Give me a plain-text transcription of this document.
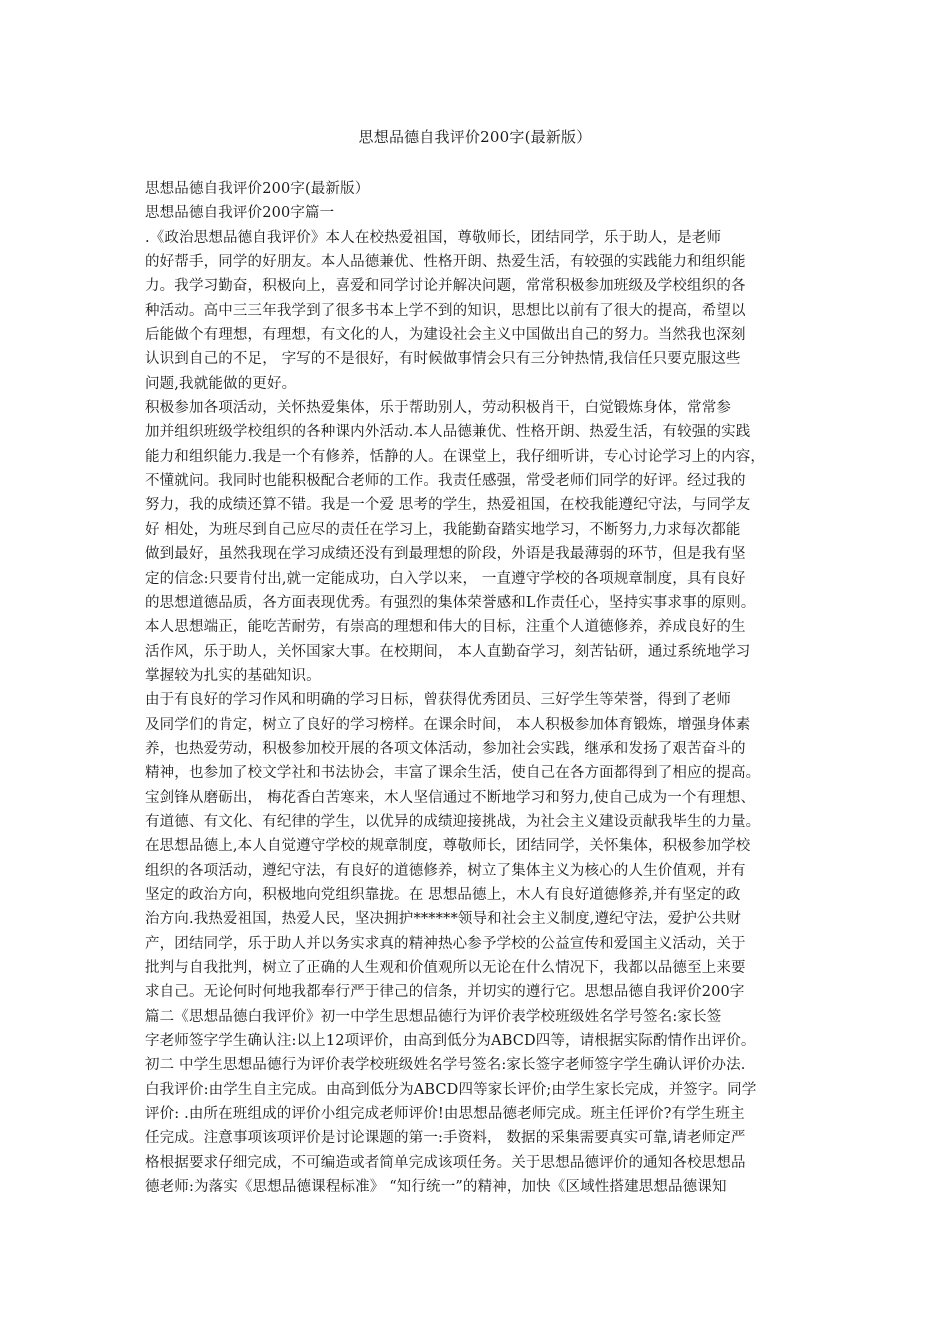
思想品德自我评价200字(最新版）
思想品德自我评价200字(最新版）
思想品德自我评价200字篇一
.《政治思想品德自我评价》本人在校热爱祖国，尊敬师长，团结同学，乐于助人，是老师
的好帮手，同学的好朋友。本人品德兼优、性格开朗、热爱生活，有较强的实践能力和组织能
力。我学习勤奋，积极向上，喜爱和同学讨论并解决问题，常常积极参加班级及学校组织的各
种活动。高中三三年我学到了很多书本上学不到的知识，思想比以前有了很大的提高，希望以
后能做个有理想，有理想，有文化的人，为建设社会主义中国做出自己的努力。当然我也深刻
认识到自己的不足， 字写的不是很好，有时候做事情会只有三分钟热情,我信任只要克服这些
问题,我就能做的更好。
积极参加各项活动，关怀热爱集体，乐于帮助别人，劳动积极肖干，白觉锻炼身体，常常参
加并组织班级学校组织的各种课内外活动.本人品德兼优、性格开朗、热爱生活，有较强的实践
能力和组织能力.我是一个有修养，恬静的人。在课堂上，我仔细听讲，专心讨论学习上的内容，
不懂就问。我同时也能积极配合老师的工作。我责任感强，常受老师们同学的好评。经过我的
努力，我的成绩还算不错。我是一个爱 思考的学生，热爱祖国，在校我能遵纪守法，与同学友
好 相处，为班尽到自己应尽的责任在学习上，我能勤奋踏实地学习，不断努力,力求每次都能
做到最好，虽然我现在学习成绩还没有到最理想的阶段，外语是我最薄弱的环节，但是我有坚
定的信念:只要肯付出,就一定能成功，白入学以来， 一直遵守学校的各项规章制度，具有良好
的思想道德品质，各方面表现优秀。有强烈的集体荣誉感和L作责任心，坚持实事求事的原则。
本人思想端正，能吃苦耐劳，有崇高的理想和伟大的目标，注重个人道德修养，养成良好的生
活作风，乐于助人，关怀国家大事。在校期间， 本人直勤奋学习，刻苦钻研，通过系统地学习
掌握较为扎实的基础知识。
由于有良好的学习作风和明确的学习日标，曾获得优秀团员、三好学生等荣誉，得到了老师
及同学们的肯定，树立了良好的学习榜样。在课余时间， 本人积极参加体育锻炼，增强身体素
养，也热爱劳动，积极参加校开展的各项文体活动，参加社会实践，继承和发扬了艰苦奋斗的
精神，也参加了校文学社和书法协会，丰富了课余生活，使自己在各方面都得到了相应的提高。
宝剑锋从磨砺出， 梅花香白苦寒来，木人坚信通过不断地学习和努力,使自己成为一个有理想、
有道德、有文化、有纪律的学生，以优异的成绩迎接挑战，为社会主义建设贡献我毕生的力量。
在思想品德上,本人自觉遵守学校的规章制度，尊敬师长，团结同学，关怀集体，积极参加学校
组织的各项活动，遵纪守法，有良好的道德修养，树立了集体主义为核心的人生价值观，并有
坚定的政治方向，积极地向党组织靠拢。在 思想品德上，木人有良好道德修养,并有坚定的政
治方向.我热爱祖国，热爱人民，坚决拥护******领导和社会主义制度,遵纪守法，爱护公共财
产，团结同学，乐于助人并以务实求真的精神热心参予学校的公益宣传和爱国主义活动，关于
批判与自我批判，树立了正确的人生观和价值观所以无论在什么情况下，我都以品德至上来要
求自己。无论何时何地我都奉行严于律己的信条，并切实的遵行它。思想品德自我评价200字
篇二《思想品德白我评价》初一中学生思想品德行为评价表学校班级姓名学号签名:家长签
字老师签字学生确认注:以上12项评价，由高到低分为ABCD四等，请根据实际酌情作出评价。
初二 中学生思想品德行为评价表学校班级姓名学号签名:家长签字老师签字学生确认评价办法.
白我评价:由学生自主完成。由高到低分为ABCD四等家长评价;由学生家长完成，并签字。同学
评价: .由所在班组成的评价小组完成老师评价!由思想品德老师完成。班主任评价?有学生班主
任完成。注意事项该项评价是讨论课题的第一:手资料， 数据的采集需要真实可靠,请老师定严
格根据要求仔细完成，不可编造或者简单完成该项任务。关于思想品德评价的通知各校思想品
德老师:为落实《思想品德课程标准》 “知行统一”的精神，加快《区域性搭建思想品德课知
